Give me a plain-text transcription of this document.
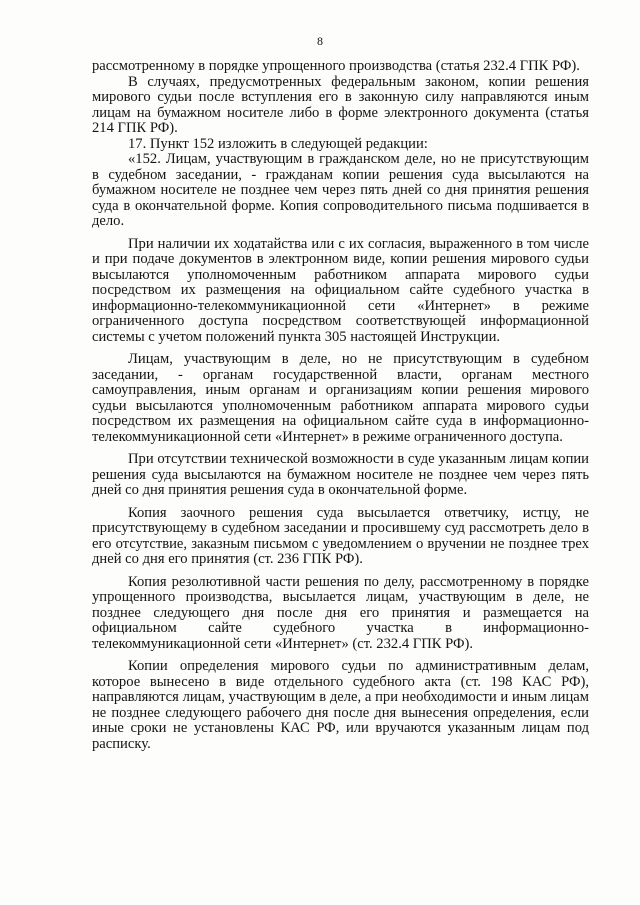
8

рассмотренному в порядке упрощенного производства (статья 232.4 ГПК РФ).

В случаях, предусмотренных федеральным законом, копии решения мирового судьи после вступления его в законную силу направляются иным лицам на бумажном носителе либо в форме электронного документа (статья 214 ГПК РФ).

17. Пункт 152 изложить в следующей редакции:

«152. Лицам, участвующим в гражданском деле, но не присутствующим в судебном заседании, - гражданам копии решения суда высылаются на бумажном носителе не позднее чем через пять дней со дня принятия решения суда в окончательной форме. Копия сопроводительного письма подшивается в дело.

При наличии их ходатайства или с их согласия, выраженного в том числе и при подаче документов в электронном виде, копии решения мирового судьи высылаются уполномоченным работником аппарата мирового судьи посредством их размещения на официальном сайте судебного участка в информационно-телекоммуникационной сети «Интернет» в режиме ограниченного доступа посредством соответствующей информационной системы с учетом положений пункта 305 настоящей Инструкции.

Лицам, участвующим в деле, но не присутствующим в судебном заседании, - органам государственной власти, органам местного самоуправления, иным органам и организациям копии решения мирового судьи высылаются уполномоченным работником аппарата мирового судьи посредством их размещения на официальном сайте суда в информационно-телекоммуникационной сети «Интернет» в режиме ограниченного доступа.

При отсутствии технической возможности в суде указанным лицам копии решения суда высылаются на бумажном носителе не позднее чем через пять дней со дня принятия решения суда в окончательной форме.

Копия заочного решения суда высылается ответчику, истцу, не присутствующему в судебном заседании и просившему суд рассмотреть дело в его отсутствие, заказным письмом с уведомлением о вручении не позднее трех дней со дня его принятия (ст. 236 ГПК РФ).

Копия резолютивной части решения по делу, рассмотренному в порядке упрощенного производства, высылается лицам, участвующим в деле, не позднее следующего дня после дня его принятия и размещается на официальном сайте судебного участка в информационно-телекоммуникационной сети «Интернет» (ст. 232.4 ГПК РФ).

Копии определения мирового судьи по административным делам, которое вынесено в виде отдельного судебного акта (ст. 198 КАС РФ), направляются лицам, участвующим в деле, а при необходимости и иным лицам не позднее следующего рабочего дня после дня вынесения определения, если иные сроки не установлены КАС РФ, или вручаются указанным лицам под расписку.
